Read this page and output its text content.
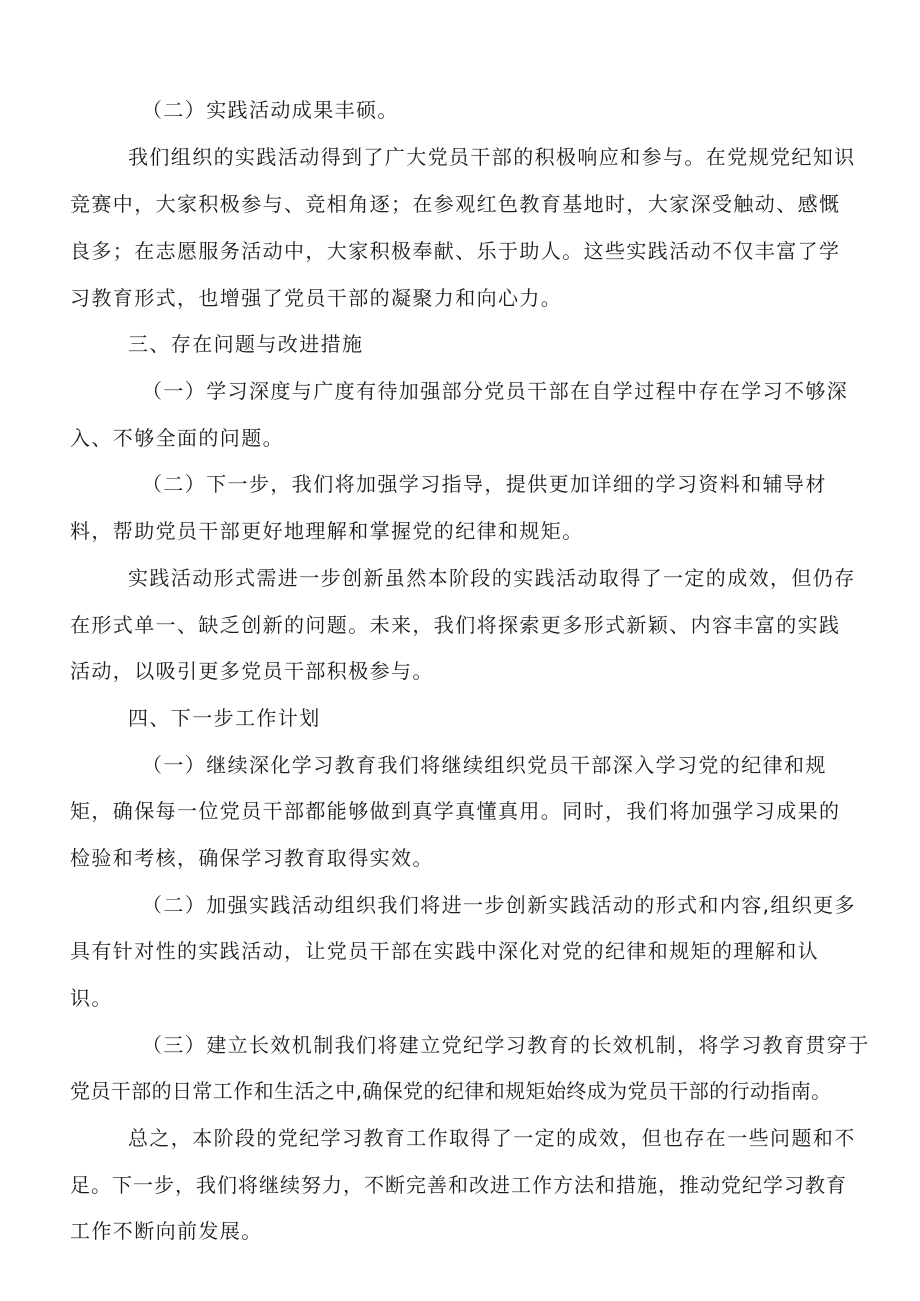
（二）实践活动成果丰硕。

我们组织的实践活动得到了广大党员干部的积极响应和参与。在党规党纪知识

竞赛中，大家积极参与、竞相角逐；在参观红色教育基地时，大家深受触动、感慨

良多；在志愿服务活动中，大家积极奉献、乐于助人。这些实践活动不仅丰富了学

习教育形式，也增强了党员干部的凝聚力和向心力。

三、存在问题与改进措施

（一）学习深度与广度有待加强部分党员干部在自学过程中存在学习不够深

入、不够全面的问题。

（二）下一步，我们将加强学习指导，提供更加详细的学习资料和辅导材

料，帮助党员干部更好地理解和掌握党的纪律和规矩。

实践活动形式需进一步创新虽然本阶段的实践活动取得了一定的成效，但仍存

在形式单一、缺乏创新的问题。未来，我们将探索更多形式新颖、内容丰富的实践

活动，以吸引更多党员干部积极参与。

四、下一步工作计划

（一）继续深化学习教育我们将继续组织党员干部深入学习党的纪律和规

矩，确保每一位党员干部都能够做到真学真懂真用。同时，我们将加强学习成果的

检验和考核，确保学习教育取得实效。

（二）加强实践活动组织我们将进一步创新实践活动的形式和内容,组织更多

具有针对性的实践活动，让党员干部在实践中深化对党的纪律和规矩的理解和认

识。

（三）建立长效机制我们将建立党纪学习教育的长效机制，将学习教育贯穿于

党员干部的日常工作和生活之中,确保党的纪律和规矩始终成为党员干部的行动指南。

总之，本阶段的党纪学习教育工作取得了一定的成效，但也存在一些问题和不

足。下一步，我们将继续努力，不断完善和改进工作方法和措施，推动党纪学习教育

工作不断向前发展。
